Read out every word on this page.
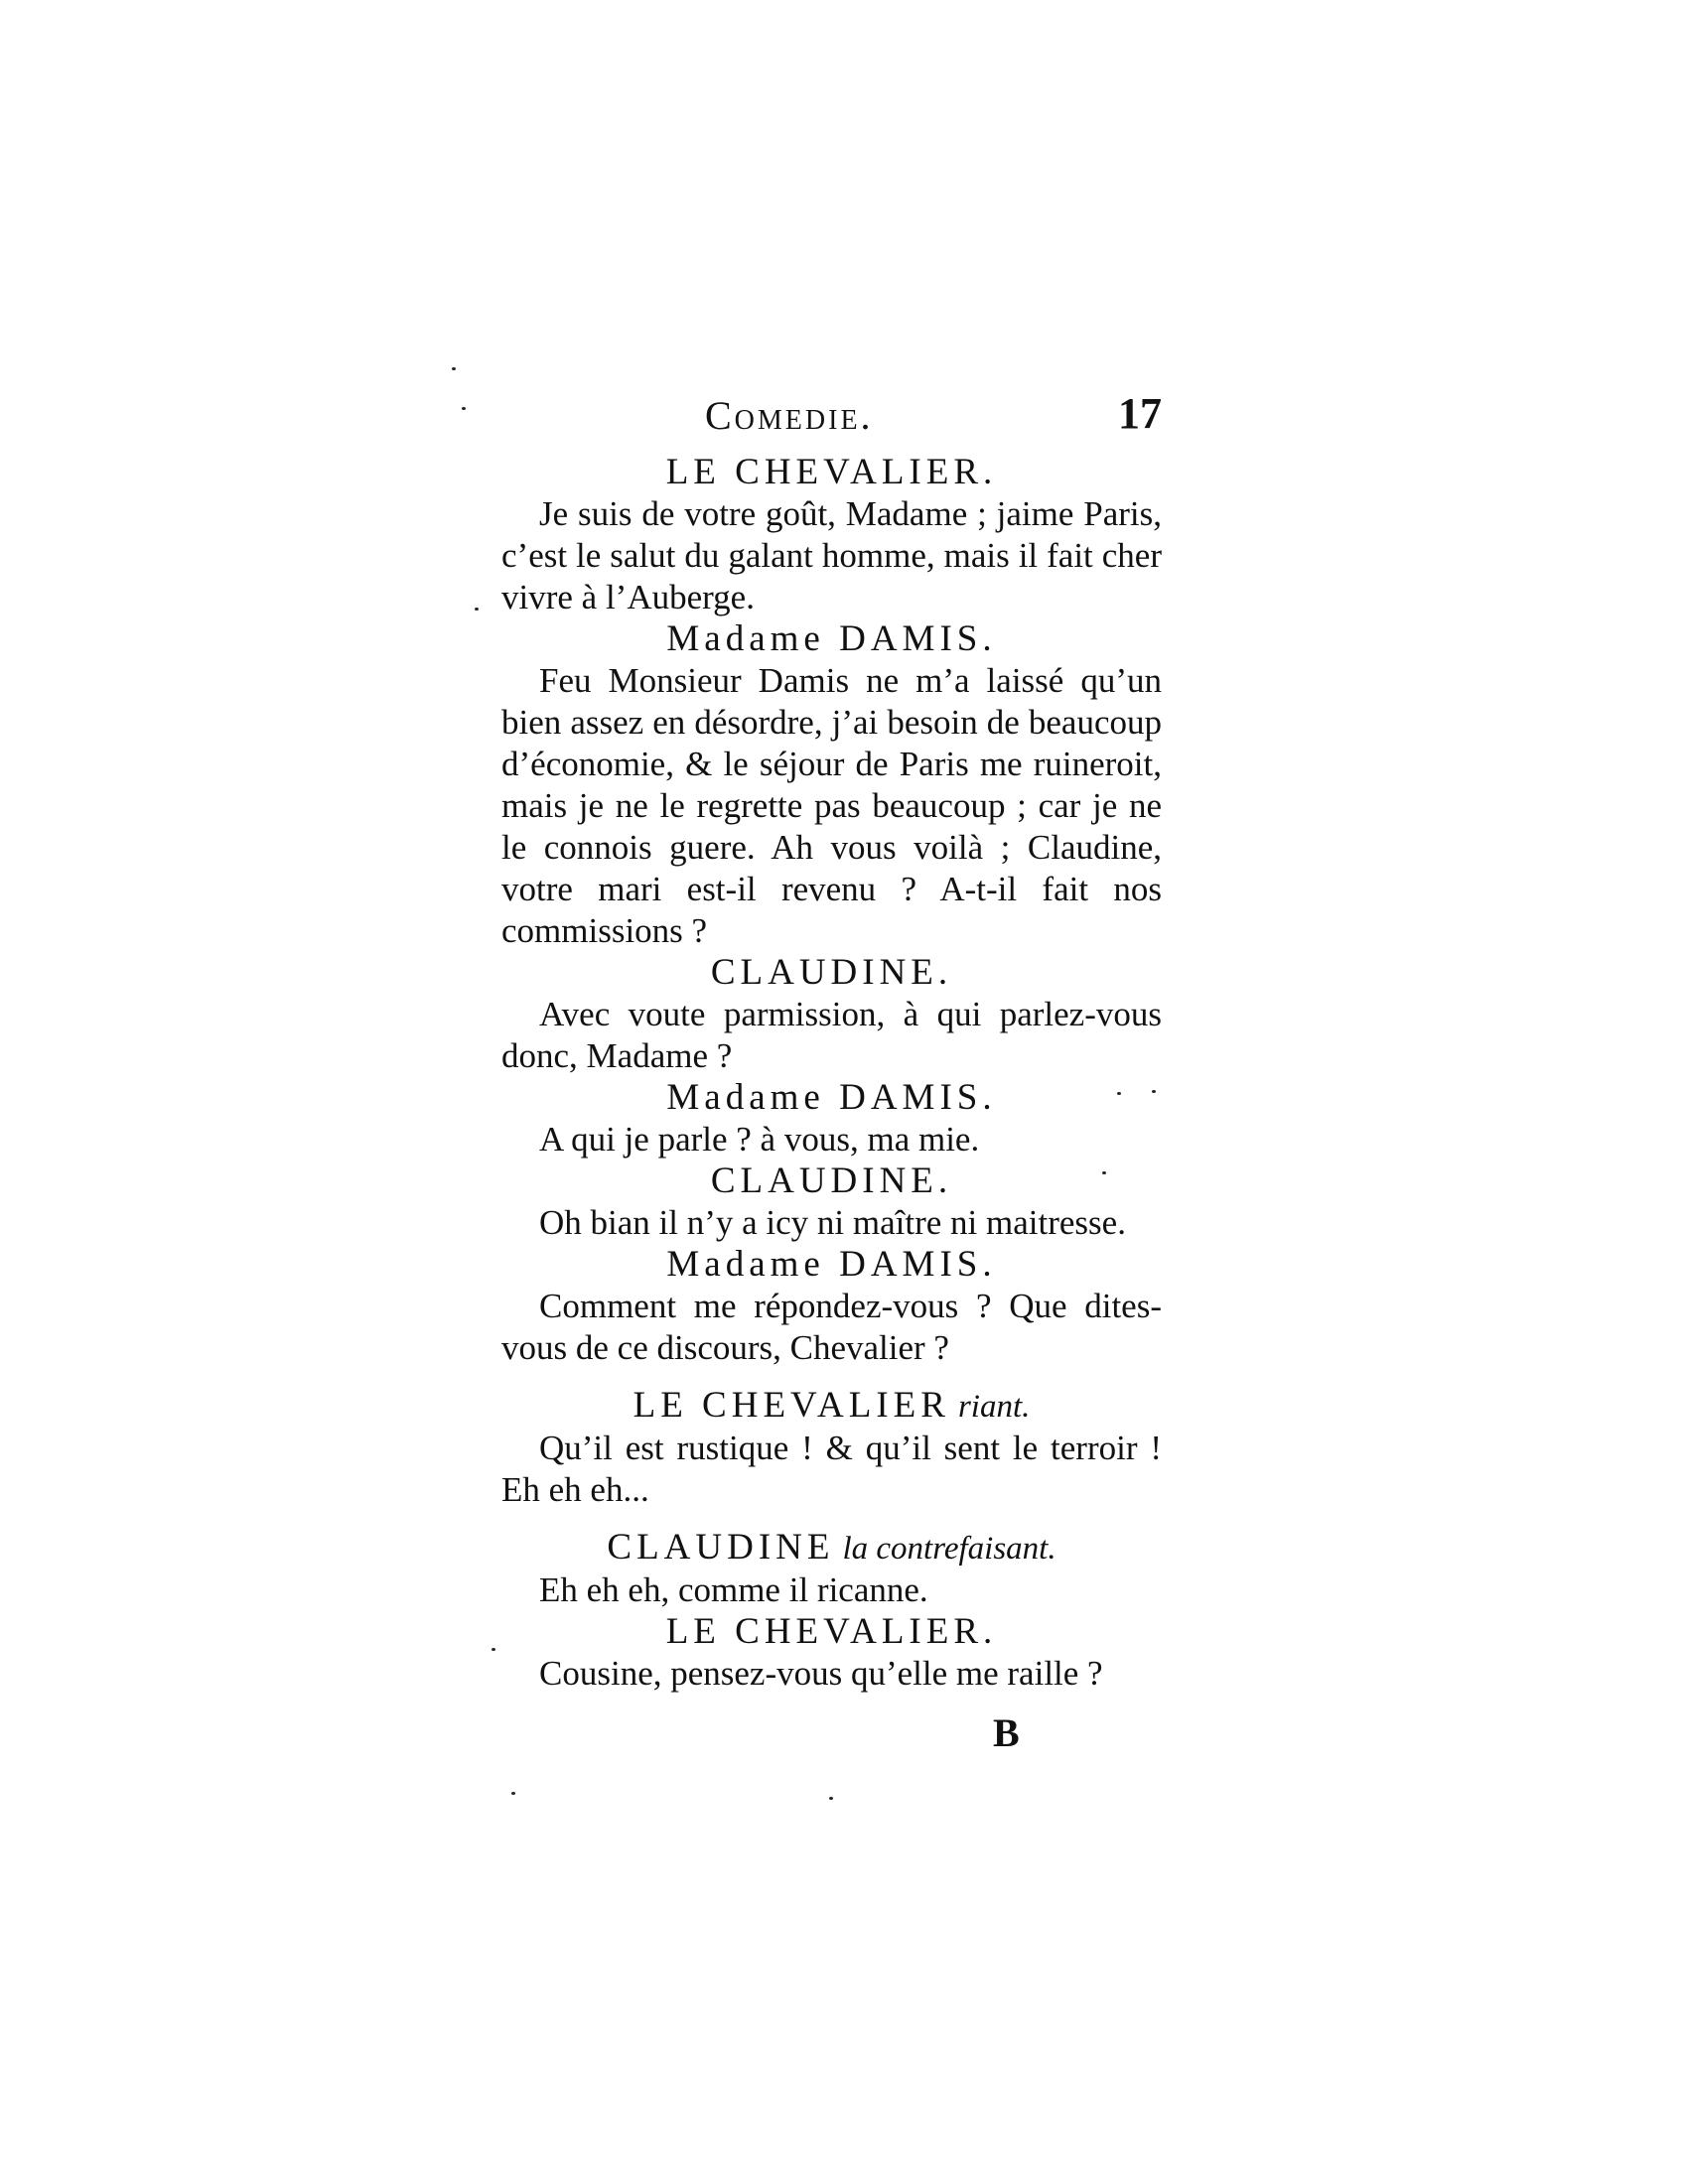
Comedie.	17

LE CHEVALIER.

Je suis de votre goût, Madame ; jaime Paris, c’est le salut du galant homme, mais il fait cher vivre à l’Auberge.

Madame DAMIS.

Feu Monsieur Damis ne m’a laissé qu’un bien assez en désordre, j’ai besoin de beaucoup d’économie, & le séjour de Paris me ruineroit, mais je ne le regrette pas beaucoup ; car je ne le connois guere. Ah vous voilà ; Claudine, votre mari est-il revenu ? A-t-il fait nos commissions ?

CLAUDINE.

Avec voute parmission, à qui parlez-vous donc, Madame ?

Madame DAMIS.

A qui je parle ? à vous, ma mie.

CLAUDINE.

Oh bian il n’y a icy ni maître ni maitresse.

Madame DAMIS.

Comment me répondez-vous ? Que dites-vous de ce discours, Chevalier ?

LE CHEVALIER riant.

Qu’il est rustique ! & qu’il sent le terroir ! Eh eh eh...

CLAUDINE la contrefaisant.

Eh eh eh, comme il ricanne.

LE CHEVALIER.

Cousine, pensez-vous qu’elle me raille ?

B
